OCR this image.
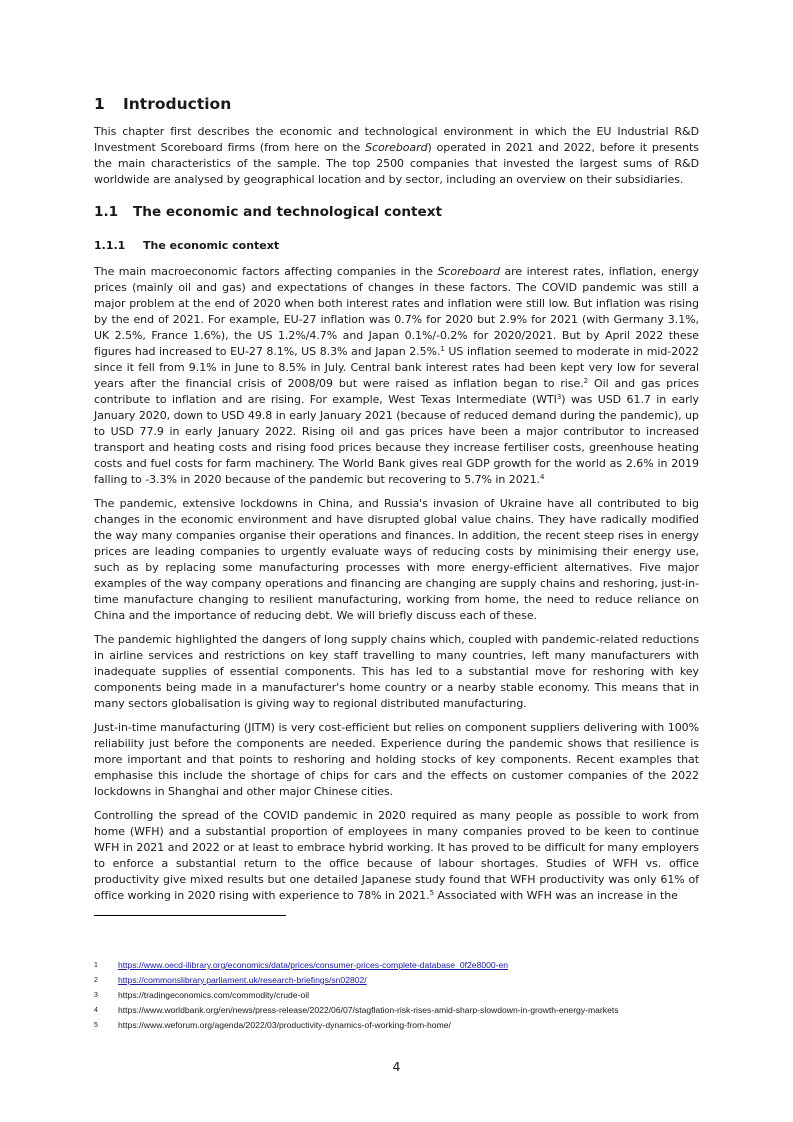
1 Introduction

This chapter first describes the economic and technological environment in which the EU Industrial R&D Investment Scoreboard firms (from here on the Scoreboard) operated in 2021 and 2022, before it presents the main characteristics of the sample. The top 2500 companies that invested the largest sums of R&D worldwide are analysed by geographical location and by sector, including an overview on their subsidiaries.

1.1 The economic and technological context
1.1.1 The economic context

The main macroeconomic factors affecting companies in the Scoreboard are interest rates, inflation, energy prices (mainly oil and gas) and expectations of changes in these factors. The COVID pandemic was still a major problem at the end of 2020 when both interest rates and inflation were still low. But inflation was rising by the end of 2021. For example, EU-27 inflation was 0.7% for 2020 but 2.9% for 2021 (with Germany 3.1%, UK 2.5%, France 1.6%), the US 1.2%/4.7% and Japan 0.1%/-0.2% for 2020/2021. But by April 2022 these figures had increased to EU-27 8.1%, US 8.3% and Japan 2.5%.$^1$ US inflation seemed to moderate in mid-2022 since it fell from 9.1% in June to 8.5% in July. Central bank interest rates had been kept very low for several years after the financial crisis of 2008/09 but were raised as inflation began to rise.$^2$ Oil and gas prices contribute to inflation and are rising. For example, West Texas Intermediate (WTI$^3$) was USD 61.7 in early January 2020, down to USD 49.8 in early January 2021 (because of reduced demand during the pandemic), up to USD 77.9 in early January 2022. Rising oil and gas prices have been a major contributor to increased transport and heating costs and rising food prices because they increase fertiliser costs, greenhouse heating costs and fuel costs for farm machinery. The World Bank gives real GDP growth for the world as 2.6% in 2019 falling to -3.3% in 2020 because of the pandemic but recovering to 5.7% in 2021.$^4$

The pandemic, extensive lockdowns in China, and Russia's invasion of Ukraine have all contributed to big changes in the economic environment and have disrupted global value chains. They have radically modified the way many companies organise their operations and finances. In addition, the recent steep rises in energy prices are leading companies to urgently evaluate ways of reducing costs by minimising their energy use, such as by replacing some manufacturing processes with more energy-efficient alternatives. Five major examples of the way company operations and financing are changing are supply chains and reshoring, just-in-time manufacture changing to resilient manufacturing, working from home, the need to reduce reliance on China and the importance of reducing debt. We will briefly discuss each of these.

The pandemic highlighted the dangers of long supply chains which, coupled with pandemic-related reductions in airline services and restrictions on key staff travelling to many countries, left many manufacturers with inadequate supplies of essential components. This has led to a substantial move for reshoring with key components being made in a manufacturer's home country or a nearby stable economy. This means that in many sectors globalisation is giving way to regional distributed manufacturing.

Just-in-time manufacturing (JITM) is very cost-efficient but relies on component suppliers delivering with 100% reliability just before the components are needed. Experience during the pandemic shows that resilience is more important and that points to reshoring and holding stocks of key components. Recent examples that emphasise this include the shortage of chips for cars and the effects on customer companies of the 2022 lockdowns in Shanghai and other major Chinese cities.

Controlling the spread of the COVID pandemic in 2020 required as many people as possible to work from home (WFH) and a substantial proportion of employees in many companies proved to be keen to continue WFH in 2021 and 2022 or at least to embrace hybrid working. It has proved to be difficult for many employers to enforce a substantial return to the office because of labour shortages. Studies of WFH vs. office productivity give mixed results but one detailed Japanese study found that WFH productivity was only 61% of office working in 2020 rising with experience to 78% in 2021.$^5$ Associated with WFH was an increase in the

1	https://www.oecd-ilibrary.org/economics/data/prices/consumer-prices-complete-database_0f2e8000-en
2	https://commonslibrary.parliament.uk/research-briefings/sn02802/
3	https://tradingeconomics.com/commodity/crude-oil
4	https://www.worldbank.org/en/news/press-release/2022/06/07/stagflation-risk-rises-amid-sharp-slowdown-in-growth-energy-markets
5	https://www.weforum.org/agenda/2022/03/productivity-dynamics-of-working-from-home/
4
